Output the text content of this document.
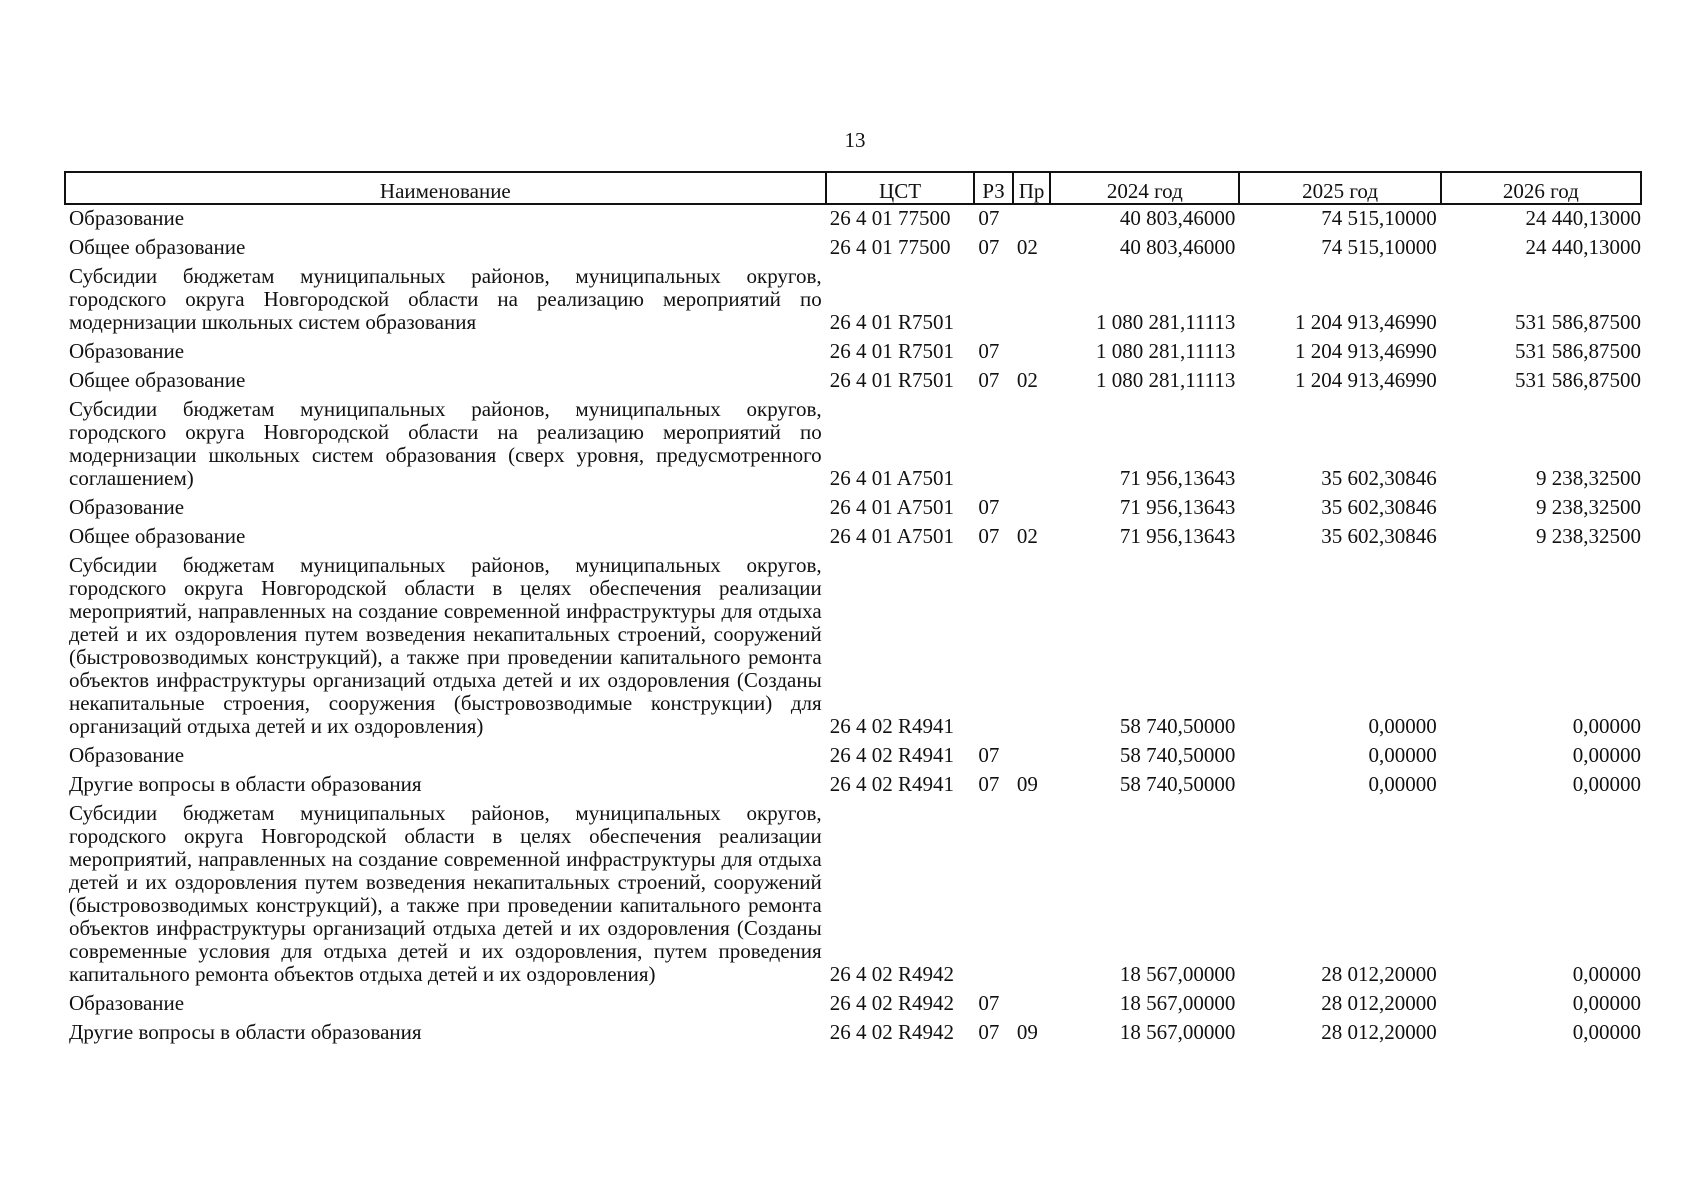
13
Наименование	ЦСТ	РЗ	Пр	2024 год	2025 год	2026 год
Образование	26 4 01 77500	07		40 803,46000	74 515,10000	24 440,13000
Общее образование	26 4 01 77500	07	02	40 803,46000	74 515,10000	24 440,13000
Субсидии бюджетам муниципальных районов, муниципальных округов, городского округа Новгородской области на реализацию мероприятий по модернизации школьных систем образования	26 4 01 R7501			1 080 281,11113	1 204 913,46990	531 586,87500
Образование	26 4 01 R7501	07		1 080 281,11113	1 204 913,46990	531 586,87500
Общее образование	26 4 01 R7501	07	02	1 080 281,11113	1 204 913,46990	531 586,87500
Субсидии бюджетам муниципальных районов, муниципальных округов, городского округа Новгородской области на реализацию мероприятий по модернизации школьных систем образования (сверх уровня, предусмотренного соглашением)	26 4 01 A7501			71 956,13643	35 602,30846	9 238,32500
Образование	26 4 01 A7501	07		71 956,13643	35 602,30846	9 238,32500
Общее образование	26 4 01 A7501	07	02	71 956,13643	35 602,30846	9 238,32500
Субсидии бюджетам муниципальных районов, муниципальных округов, городского округа Новгородской области в целях обеспечения реализации мероприятий, направленных на создание современной инфраструктуры для отдыха детей и их оздоровления путем возведения некапитальных строений, сооружений (быстровозводимых конструкций), а также при проведении капитального ремонта объектов инфраструктуры организаций отдыха детей и их оздоровления (Созданы некапитальные строения, сооружения (быстровозводимые конструкции) для организаций отдыха детей и их оздоровления)	26 4 02 R4941			58 740,50000	0,00000	0,00000
Образование	26 4 02 R4941	07		58 740,50000	0,00000	0,00000
Другие вопросы в области образования	26 4 02 R4941	07	09	58 740,50000	0,00000	0,00000
Субсидии бюджетам муниципальных районов, муниципальных округов, городского округа Новгородской области в целях обеспечения реализации мероприятий, направленных на создание современной инфраструктуры для отдыха детей и их оздоровления путем возведения некапитальных строений, сооружений (быстровозводимых конструкций), а также при проведении капитального ремонта объектов инфраструктуры организаций отдыха детей и их оздоровления (Созданы современные условия для отдыха детей и их оздоровления, путем проведения капитального ремонта объектов отдыха детей и их оздоровления)	26 4 02 R4942			18 567,00000	28 012,20000	0,00000
Образование	26 4 02 R4942	07		18 567,00000	28 012,20000	0,00000
Другие вопросы в области образования	26 4 02 R4942	07	09	18 567,00000	28 012,20000	0,00000
